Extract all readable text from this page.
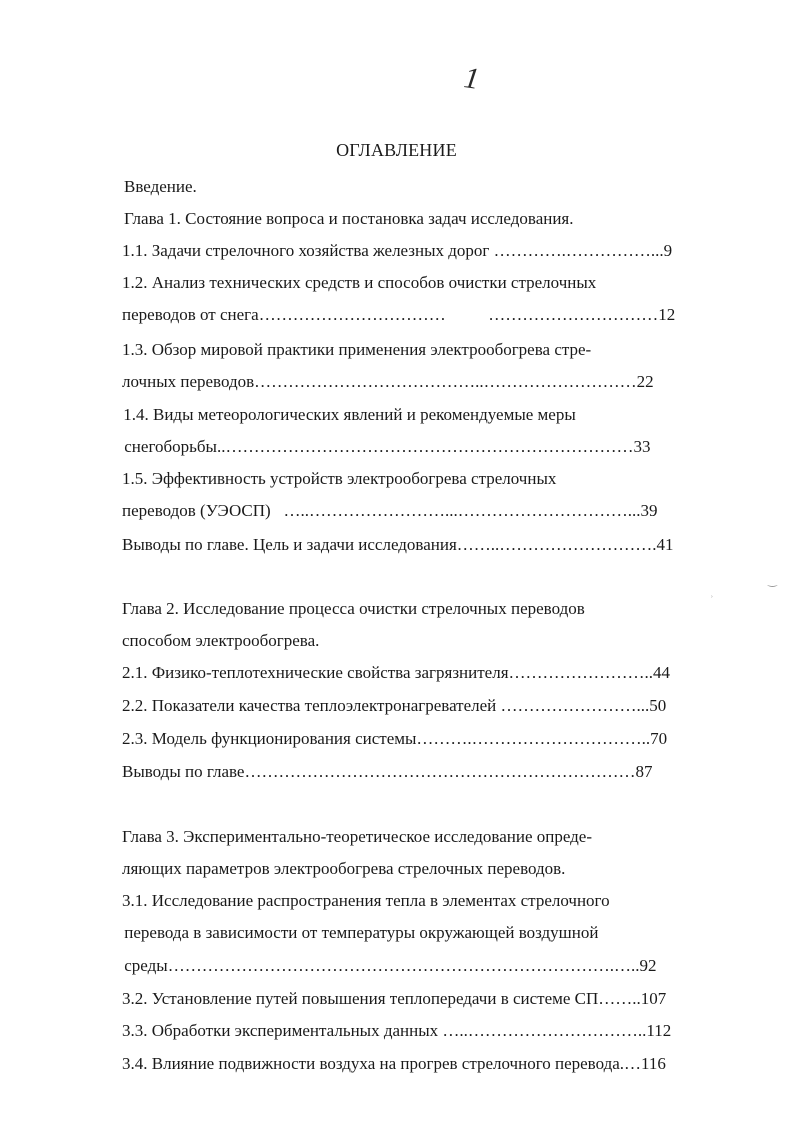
1
ОГЛАВЛЕНИЕ
Введение.
Глава 1. Состояние вопроса и постановка задач исследования.
1.1. Задачи стрелочного хозяйства железных дорог ………….……………...9
1.2. Анализ технических средств и способов очистки стрелочных
переводов от снега……………………………          …………………………12
1.3. Обзор мировой практики применения электрообогрева стре-
лочных переводов…………………………………..………………………22
1.4. Виды метеорологических явлений и рекомендуемые меры
снегоборьбы..………………………………………………………………33
1.5. Эффективность устройств электрообогрева стрелочных
переводов (УЭОСП)   …..……………………...…………………………...39
Выводы по главе. Цель и задачи исследования……..……………………….41
Глава 2. Исследование процесса очистки стрелочных переводов
способом электрообогрева.
2.1. Физико-теплотехнические свойства загрязнителя……………………..44
2.2. Показатели качества теплоэлектронагревателей ……………………...50
2.3. Модель функционирования системы……….…………………………..70
Выводы по главе……………………………………………………………87
Глава 3. Экспериментально-теоретическое исследование опреде-
ляющих параметров электрообогрева стрелочных переводов.
3.1. Исследование распространения тепла в элементах стрелочного
перевода в зависимости от температуры окружающей воздушной
среды…………………………………………………………………….…..92
3.2. Установление путей повышения теплопередачи в системе СП……..107
3.3. Обработки экспериментальных данных …..…………………………..112
3.4. Влияние подвижности воздуха на прогрев стрелочного перевода.…116
‿
ʾ
